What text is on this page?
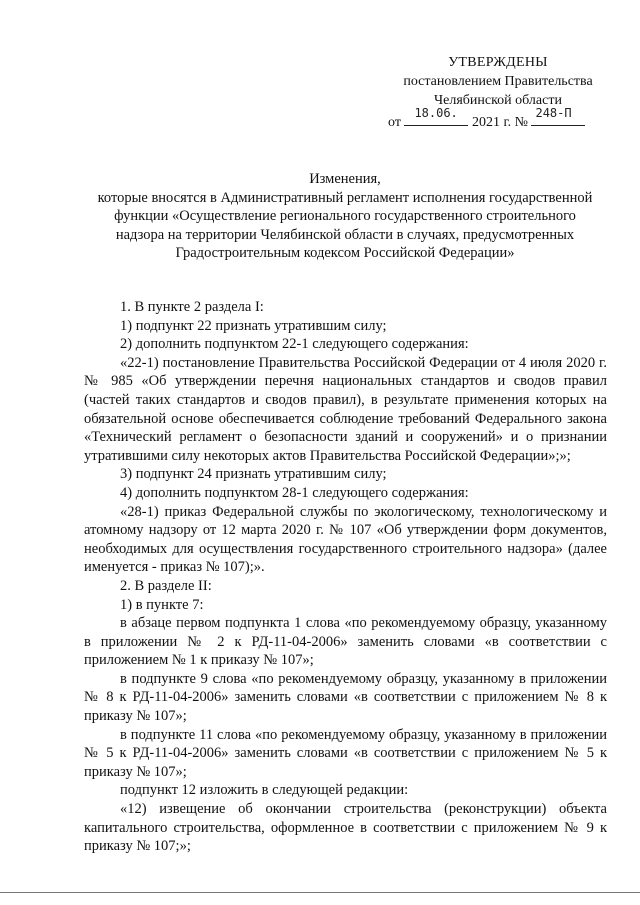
УТВЕРЖДЕНЫ
постановлением Правительства
Челябинской области
от
18.06.
2021 г. №
248-П
Изменения,
которые вносятся в Административный регламент исполнения государственной
функции «Осуществление регионального государственного строительного
надзора на территории Челябинской области в случаях, предусмотренных
Градостроительным кодексом Российской Федерации»
1. В пункте 2 раздела I:
1) подпункт 22 признать утратившим силу;
2) дополнить подпунктом 22-1 следующего содержания:
«22-1) постановление Правительства Российской Федерации от 4 июля 2020 г. № 985 «Об утверждении перечня национальных стандартов и сводов правил (частей таких стандартов и сводов правил), в результате применения которых на обязательной основе обеспечивается соблюдение требований Федерального закона «Технический регламент о безопасности зданий и сооружений» и о признании утратившими силу некоторых актов Правительства Российской Федерации»;»;
3) подпункт 24 признать утратившим силу;
4) дополнить подпунктом 28-1 следующего содержания:
«28-1) приказ Федеральной службы по экологическому, технологическому и атомному надзору от 12 марта 2020 г. № 107 «Об утверждении форм документов, необходимых для осуществления государственного строительного надзора» (далее именуется - приказ № 107);».
2. В разделе II:
1) в пункте 7:
в абзаце первом подпункта 1 слова «по рекомендуемому образцу, указанному в приложении № 2 к РД-11-04-2006» заменить словами «в соответствии с приложением № 1 к приказу № 107»;
в подпункте 9 слова «по рекомендуемому образцу, указанному в приложении № 8 к РД-11-04-2006» заменить словами «в соответствии с приложением № 8 к приказу № 107»;
в подпункте 11 слова «по рекомендуемому образцу, указанному в приложении № 5 к РД-11-04-2006» заменить словами «в соответствии с приложением № 5 к приказу № 107»;
подпункт 12 изложить в следующей редакции:
«12) извещение об окончании строительства (реконструкции) объекта капитального строительства, оформленное в соответствии с приложением № 9 к приказу № 107;»;
